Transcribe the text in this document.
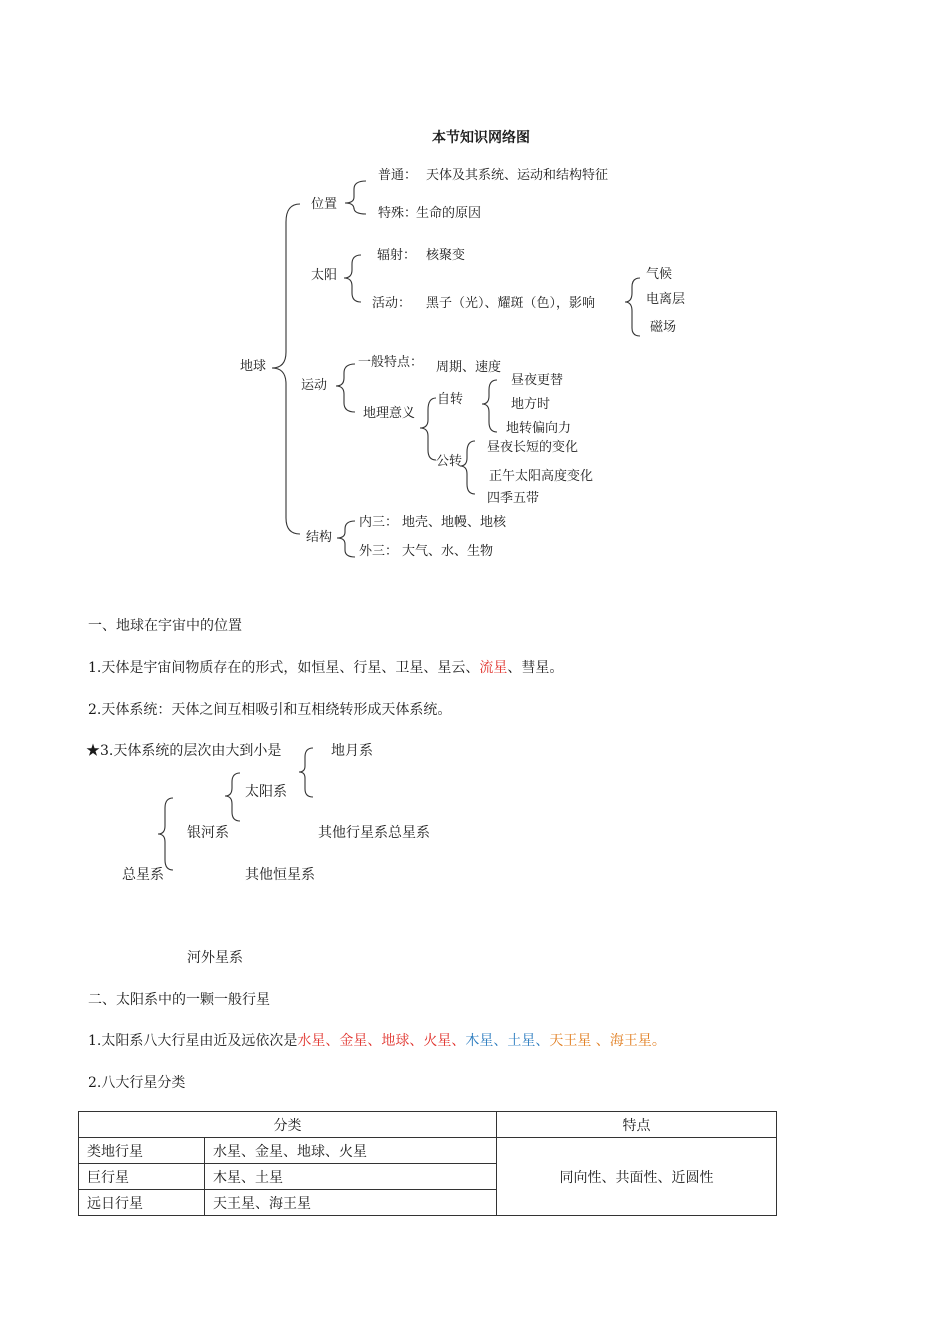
本节知识网络图
地球
位置
普通： 天体及其系统、运动和结构特征
特殊：
生命的原因
太阳
辐射： 核聚变
活动： 黑子（光）、耀斑（色），影响
气候
电离层
磁场
运动
一般特点： 周期、速度
地理意义
自转
昼夜更替
地方时
地转偏向力
公转
昼夜长短的变化
正午太阳高度变化
四季五带
结构
内三： 地壳、地幔、地核
外三： 大气、水、生物
一、地球在宇宙中的位置
1.天体是宇宙间物质存在的形式，如恒星、行星、卫星、星云、流星、彗星。
2.天体系统：天体之间互相吸引和互相绕转形成天体系统。
★3.天体系统的层次由大到小是	地月系
太阳系
银河系	其他行星系总星系
总星系	其他恒星系
河外星系
二、太阳系中的一颗一般行星
1.太阳系八大行星由近及远依次是水星、金星、地球、火星、木星、土星、天王星 、海王星。
2.八大行星分类
分类		特点
类地行星	水星、金星、地球、火星	同向性、共面性、近圆性
巨行星	木星、土星	
远日行星	天王星、海王星	
